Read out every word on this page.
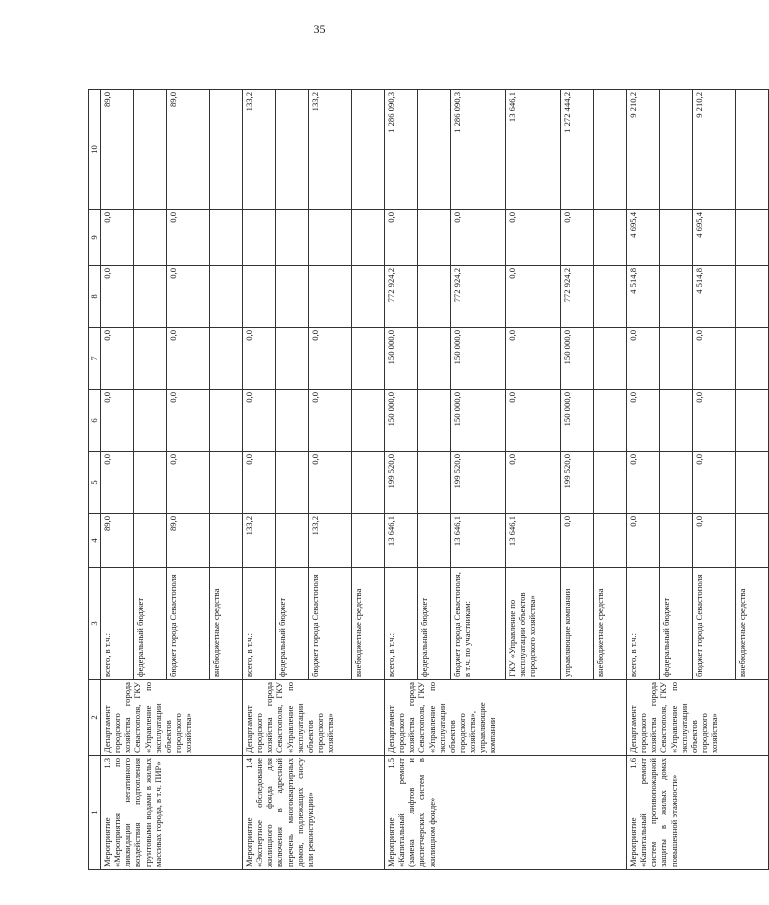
35
1	2	3	4	5	6	7	8	9	10
Мероприятие 1.3 «Мероприятия по ликвидации негативного воздействия подтопления грунтовыми водами в жилых массивах города, в т.ч. ПИР»	Департамент городского хозяйства города Севастополя, ГКУ «Управление по эксплуатации объектов городского хозяйства»	всего, в т.ч.:	89,0	0,0	0,0	0,0	0,0	0,0	89,0
		федеральный бюджет							
		бюджет города Севастополя	89,0	0,0	0,0	0,0	0,0	0,0	89,0
		внебюджетные средства							
Мероприятие 1.4 «Экспертное обследование жилищного фонда для включения в адресный перечень многоквартирных домов, подлежащих сносу или реконструкции»	Департамент городского хозяйства города Севастополя, ГКУ «Управление по эксплуатации объектов городского хозяйства»	всего, в т.ч.:	133,2	0,0	0,0	0,0			133,2
		федеральный бюджет							
		бюджет города Севастополя	133,2	0,0	0,0	0,0			133,2
		внебюджетные средства							
Мероприятие 1.5 «Капитальный ремонт (замена лифтов и диспетчерских систем в жилищном фонде»	Департамент городского хозяйства города Севастополя, ГКУ «Управление по эксплуатации объектов городского хозяйства», управляющие компании	всего, в т.ч.:	13 646,1	199 520,0	150 000,0	150 000,0	772 924,2	0,0	1 286 090,3
		федеральный бюджет							
		бюджет города Севастополя, в т.ч. по участникам:	13 646,1	199 520,0	150 000,0	150 000,0	772 924,2	0,0	1 286 090,3
		ГКУ «Управление по эксплуатации объектов городского хозяйства»	13 646,1	0,0	0,0	0,0	0,0	0,0	13 646,1
		управляющие компании	0,0	199 520,0	150 000,0	150 000,0	772 924,2	0,0	1 272 444,2
		внебюджетные средства							
Мероприятие 1.6 «Капитальный ремонт систем противопожарной защиты в жилых домах повышенной этажности»	Департамент городского хозяйства города Севастополя, ГКУ «Управление по эксплуатации объектов городского хозяйства»	всего, в т.ч.:	0,0	0,0	0,0	0,0	4 514,8	4 695,4	9 210,2
		федеральный бюджет							
		бюджет города Севастополя	0,0	0,0	0,0	0,0	4 514,8	4 695,4	9 210,2
		внебюджетные средства							
